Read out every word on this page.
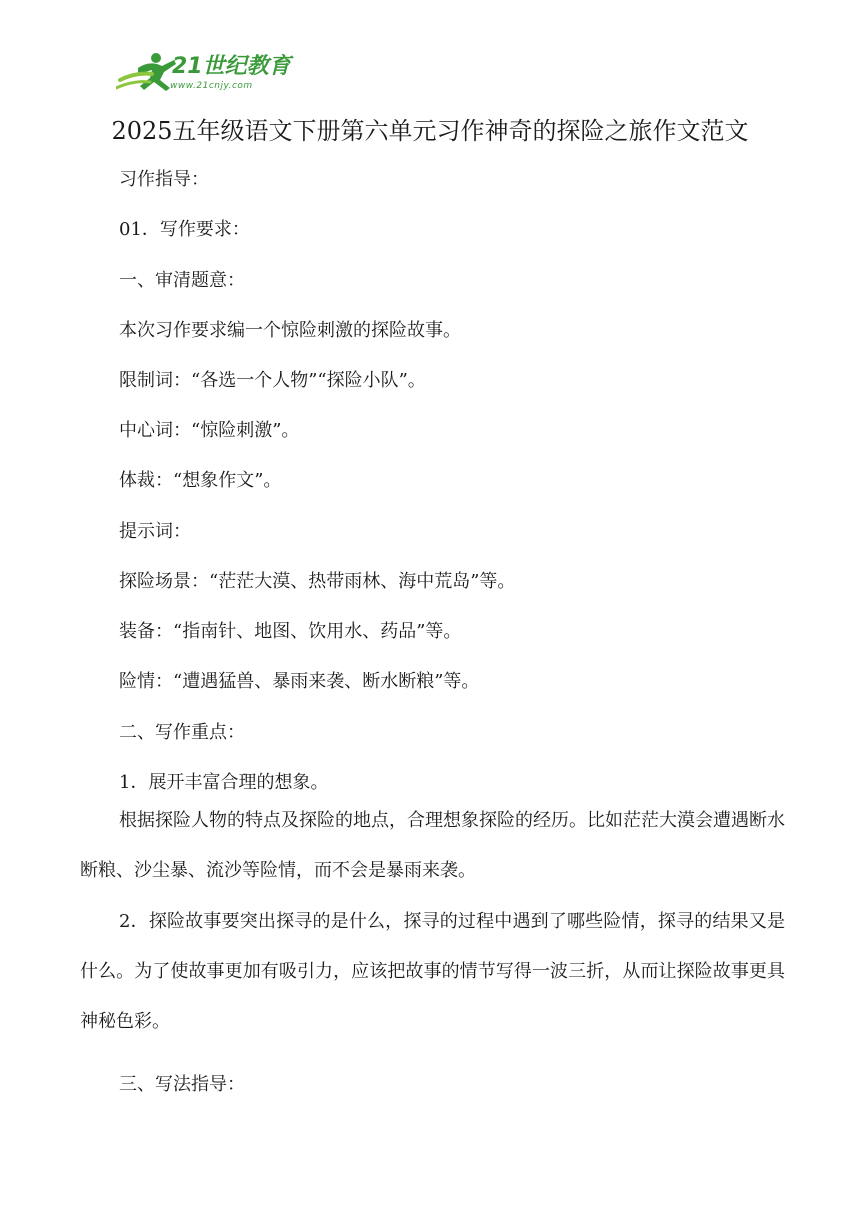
21世纪教育
www.21cnjy.com
2025五年级语文下册第六单元习作神奇的探险之旅作文范文
习作指导：
01．写作要求：
一、审清题意：
本次习作要求编一个惊险刺激的探险故事。
限制词：“各选一个人物”“探险小队”。
中心词：“惊险刺激”。
体裁：“想象作文”。
提示词：
探险场景：“茫茫大漠、热带雨林、海中荒岛”等。
装备：“指南针、地图、饮用水、药品”等。
险情：“遭遇猛兽、暴雨来袭、断水断粮”等。
二、写作重点：
1．展开丰富合理的想象。
根据探险人物的特点及探险的地点，合理想象探险的经历。比如茫茫大漠会遭遇断水断粮、沙尘暴、流沙等险情，而不会是暴雨来袭。
2．探险故事要突出探寻的是什么，探寻的过程中遇到了哪些险情，探寻的结果又是什么。为了使故事更加有吸引力，应该把故事的情节写得一波三折，从而让探险故事更具神秘色彩。
三、写法指导：
